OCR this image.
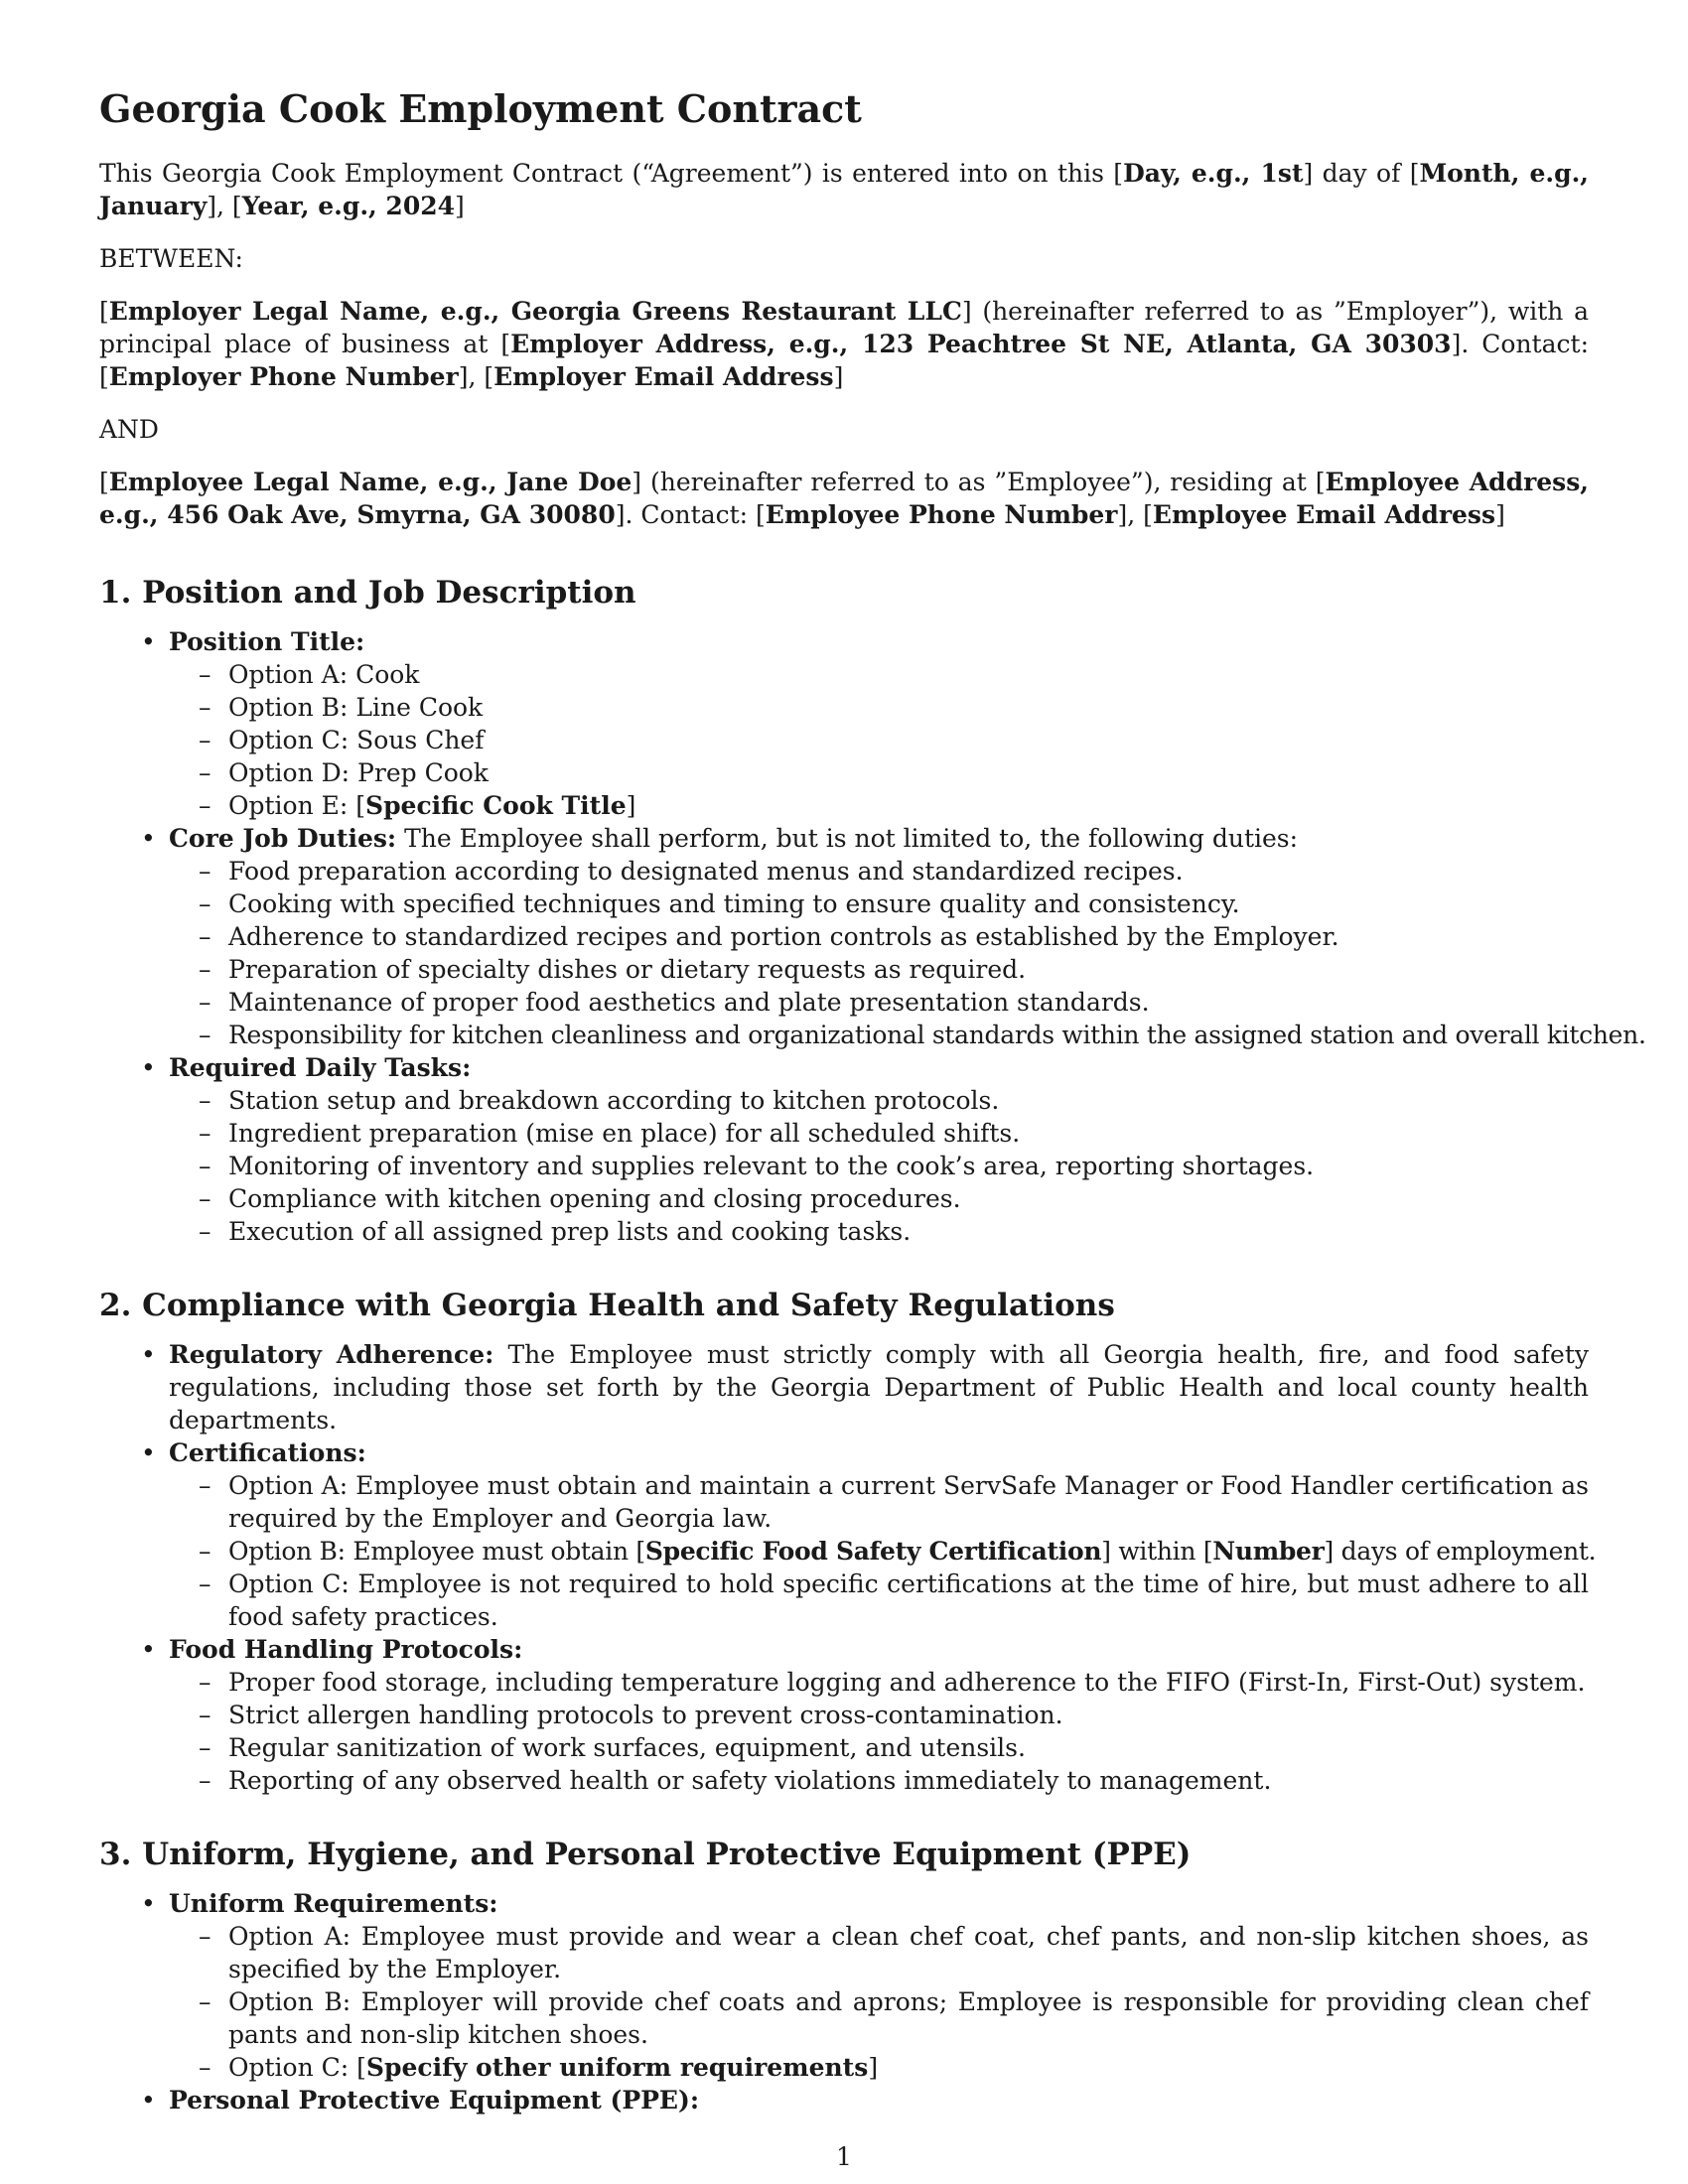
Georgia Cook Employment Contract

This Georgia Cook Employment Contract (“Agreement”) is entered into on this [Day, e.g., 1st] day of [Month, e.g., January], [Year, e.g., 2024]

BETWEEN:

[Employer Legal Name, e.g., Georgia Greens Restaurant LLC] (hereinafter referred to as ”Employer”), with a principal place of business at [Employer Address, e.g., 123 Peachtree St NE, Atlanta, GA 30303]. Contact: [Employer Phone Number], [Employer Email Address]

AND

[Employee Legal Name, e.g., Jane Doe] (hereinafter referred to as ”Employee”), residing at [Employee Address, e.g., 456 Oak Ave, Smyrna, GA 30080]. Contact: [Employee Phone Number], [Employee Email Address]

1. Position and Job Description
• Position Title:
– Option A: Cook
– Option B: Line Cook
– Option C: Sous Chef
– Option D: Prep Cook
– Option E: [Specific Cook Title]
• Core Job Duties: The Employee shall perform, but is not limited to, the following duties:
– Food preparation according to designated menus and standardized recipes.
– Cooking with specified techniques and timing to ensure quality and consistency.
– Adherence to standardized recipes and portion controls as established by the Employer.
– Preparation of specialty dishes or dietary requests as required.
– Maintenance of proper food aesthetics and plate presentation standards.
– Responsibility for kitchen cleanliness and organizational standards within the assigned station and overall kitchen.
• Required Daily Tasks:
– Station setup and breakdown according to kitchen protocols.
– Ingredient preparation (mise en place) for all scheduled shifts.
– Monitoring of inventory and supplies relevant to the cook’s area, reporting shortages.
– Compliance with kitchen opening and closing procedures.
– Execution of all assigned prep lists and cooking tasks.
2. Compliance with Georgia Health and Safety Regulations
• Regulatory Adherence: The Employee must strictly comply with all Georgia health, fire, and food safety regulations, including those set forth by the Georgia Department of Public Health and local county health departments.
• Certifications:
– Option A: Employee must obtain and maintain a current ServSafe Manager or Food Handler certification as required by the Employer and Georgia law.
– Option B: Employee must obtain [Specific Food Safety Certification] within [Number] days of employment.
– Option C: Employee is not required to hold specific certifications at the time of hire, but must adhere to all food safety practices.
• Food Handling Protocols:
– Proper food storage, including temperature logging and adherence to the FIFO (First-In, First-Out) system.
– Strict allergen handling protocols to prevent cross-contamination.
– Regular sanitization of work surfaces, equipment, and utensils.
– Reporting of any observed health or safety violations immediately to management.
3. Uniform, Hygiene, and Personal Protective Equipment (PPE)
• Uniform Requirements:
– Option A: Employee must provide and wear a clean chef coat, chef pants, and non-slip kitchen shoes, as specified by the Employer.
– Option B: Employer will provide chef coats and aprons; Employee is responsible for providing clean chef pants and non-slip kitchen shoes.
– Option C: [Specify other uniform requirements]
• Personal Protective Equipment (PPE):
1
